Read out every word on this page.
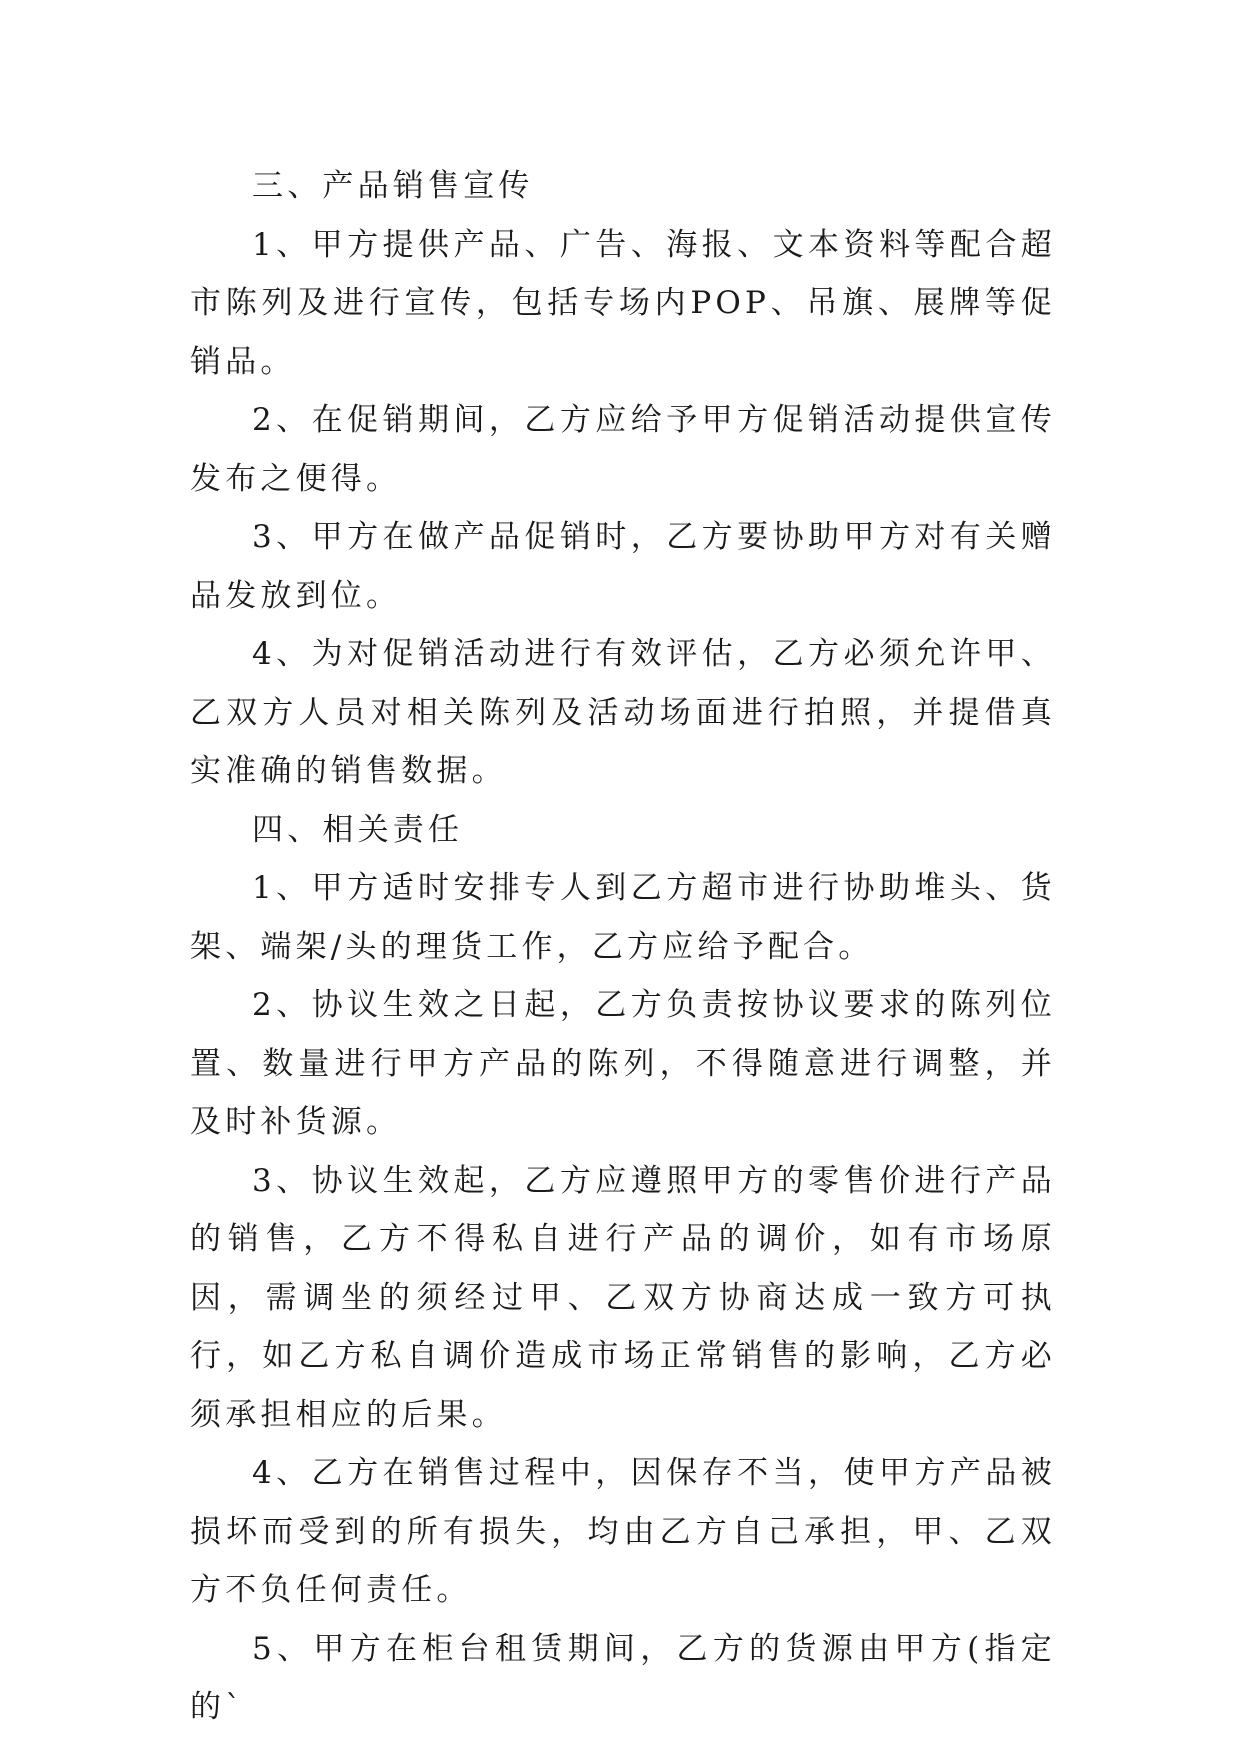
三、产品销售宣传

1、甲方提供产品、广告、海报、文本资料等配合超市陈列及进行宣传，包括专场内POP、吊旗、展牌等促销品。

2、在促销期间，乙方应给予甲方促销活动提供宣传发布之便得。

3、甲方在做产品促销时，乙方要协助甲方对有关赠品发放到位。

4、为对促销活动进行有效评估，乙方必须允许甲、乙双方人员对相关陈列及活动场面进行拍照，并提借真实准确的销售数据。

四、相关责任

1、甲方适时安排专人到乙方超市进行协助堆头、货架、端架/头的理货工作，乙方应给予配合。

2、协议生效之日起，乙方负责按协议要求的陈列位置、数量进行甲方产品的陈列，不得随意进行调整，并及时补货源。

3、协议生效起，乙方应遵照甲方的零售价进行产品的销售，乙方不得私自进行产品的调价，如有市场原因，需调坐的须经过甲、乙双方协商达成一致方可执行，如乙方私自调价造成市场正常销售的影响，乙方必须承担相应的后果。

4、乙方在销售过程中，因保存不当，使甲方产品被损坏而受到的所有损失，均由乙方自己承担，甲、乙双方不负任何责任。

5、甲方在柜台租赁期间，乙方的货源由甲方(指定的`
